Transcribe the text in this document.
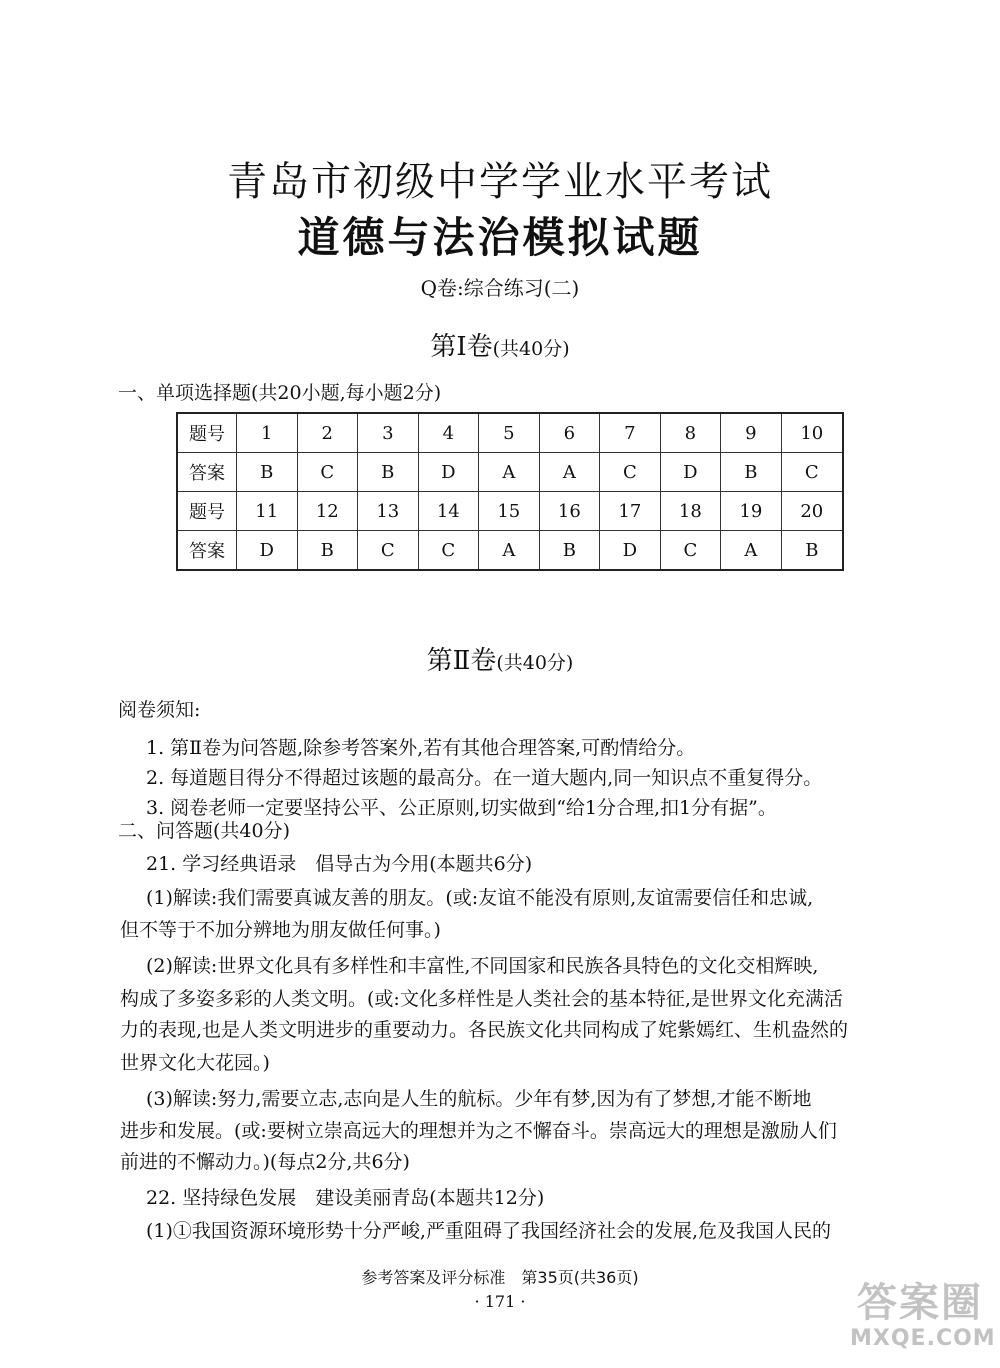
青岛市初级中学学业水平考试
道德与法治模拟试题
Q卷:综合练习(二)
第Ⅰ卷(共40分)
一、单项选择题(共20小题,每小题2分)
题号	1	2	3	4	5	6	7	8	9	10
答案	B	C	B	D	A	A	C	D	B	C
题号	11	12	13	14	15	16	17	18	19	20
答案	D	B	C	C	A	B	D	C	A	B
第Ⅱ卷(共40分)
阅卷须知:
1. 第Ⅱ卷为问答题,除参考答案外,若有其他合理答案,可酌情给分。
2. 每道题目得分不得超过该题的最高分。在一道大题内,同一知识点不重复得分。
3. 阅卷老师一定要坚持公平、公正原则,切实做到“给1分合理,扣1分有据”。
二、问答题(共40分)
21. 学习经典语录　倡导古为今用(本题共6分)
(1)解读:我们需要真诚友善的朋友。(或:友谊不能没有原则,友谊需要信任和忠诚,
但不等于不加分辨地为朋友做任何事。)
(2)解读:世界文化具有多样性和丰富性,不同国家和民族各具特色的文化交相辉映,
构成了多姿多彩的人类文明。(或:文化多样性是人类社会的基本特征,是世界文化充满活
力的表现,也是人类文明进步的重要动力。各民族文化共同构成了姹紫嫣红、生机盎然的
世界文化大花园。)
(3)解读:努力,需要立志,志向是人生的航标。少年有梦,因为有了梦想,才能不断地
进步和发展。(或:要树立崇高远大的理想并为之不懈奋斗。崇高远大的理想是激励人们
前进的不懈动力。)(每点2分,共6分)
22. 坚持绿色发展　建设美丽青岛(本题共12分)
(1)①我国资源环境形势十分严峻,严重阻碍了我国经济社会的发展,危及我国人民的
参考答案及评分标准　第35页(共36页)
· 171 ·	答案圈
MXQE.COM
